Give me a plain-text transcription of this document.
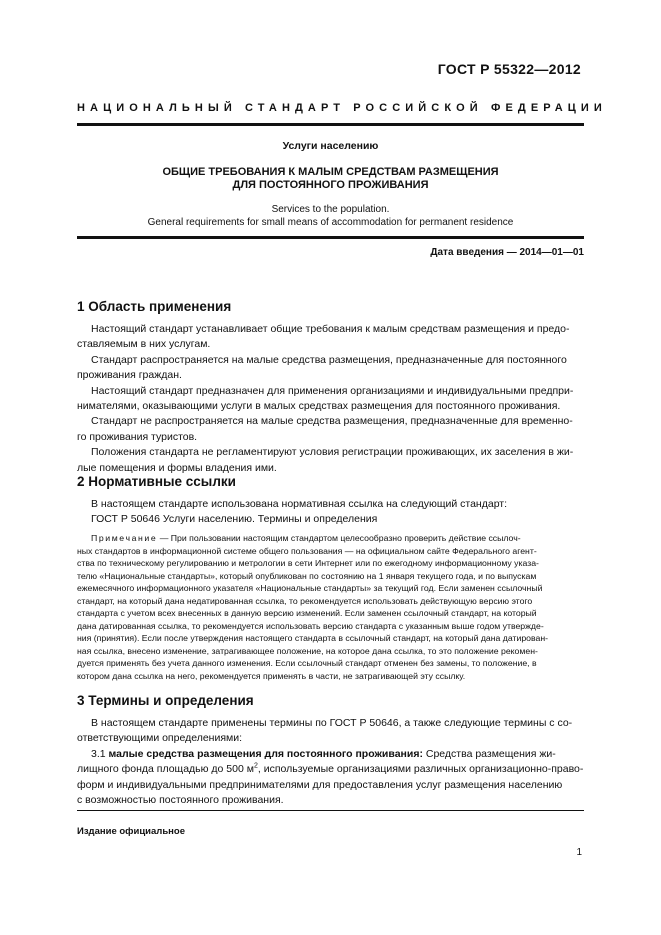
ГОСТ Р 55322—2012
НАЦИОНАЛЬНЫЙ СТАНДАРТ РОССИЙСКОЙ ФЕДЕРАЦИИ
Услуги населению
ОБЩИЕ ТРЕБОВАНИЯ К МАЛЫМ СРЕДСТВАМ РАЗМЕЩЕНИЯ
ДЛЯ ПОСТОЯННОГО ПРОЖИВАНИЯ
Services to the population.
General requirements for small means of accommodation for permanent residence
Дата введения — 2014—01—01
1 Область применения
Настоящий стандарт устанавливает общие требования к малым средствам размещения и предо-
ставляемым в них услугам.
Стандарт распространяется на малые средства размещения, предназначенные для постоянного
проживания граждан.
Настоящий стандарт предназначен для применения организациями и индивидуальными предпри-
нимателями, оказывающими услуги в малых средствах размещения для постоянного проживания.
Стандарт не распространяется на малые средства размещения, предназначенные для временно-
го проживания туристов.
Положения стандарта не регламентируют условия регистрации проживающих, их заселения в жи-
лые помещения и формы владения ими.
2 Нормативные ссылки
В настоящем стандарте использована нормативная ссылка на следующий стандарт:
ГОСТ Р 50646 Услуги населению. Термины и определения
Примечание — При пользовании настоящим стандартом целесообразно проверить действие ссылоч-
ных стандартов в информационной системе общего пользования — на официальном сайте Федерального агент-
ства по техническому регулированию и метрологии в сети Интернет или по ежегодному информационному указа-
телю «Национальные стандарты», который опубликован по состоянию на 1 января текущего года, и по выпускам
ежемесячного информационного указателя «Национальные стандарты» за текущий год. Если заменен ссылочный
стандарт, на который дана недатированная ссылка, то рекомендуется использовать действующую версию этого
стандарта с учетом всех внесенных в данную версию изменений. Если заменен ссылочный стандарт, на который
дана датированная ссылка, то рекомендуется использовать версию стандарта с указанным выше годом утвержде-
ния (принятия). Если после утверждения настоящего стандарта в ссылочный стандарт, на который дана датирован-
ная ссылка, внесено изменение, затрагивающее положение, на которое дана ссылка, то это положение рекомен-
дуется применять без учета данного изменения. Если ссылочный стандарт отменен без замены, то положение, в
котором дана ссылка на него, рекомендуется применять в части, не затрагивающей эту ссылку.
3 Термины и определения
В настоящем стандарте применены термины по ГОСТ Р 50646, а также следующие термины с со-
ответствующими определениями:
3.1 малые средства размещения для постоянного проживания: Средства размещения жи-
лищного фонда площадью до 500 $м^2$, используемые организациями различных организационно-право-
форм и индивидуальными предпринимателями для предоставления услуг размещения населению
с возможностью постоянного проживания.
Издание официальное
1
